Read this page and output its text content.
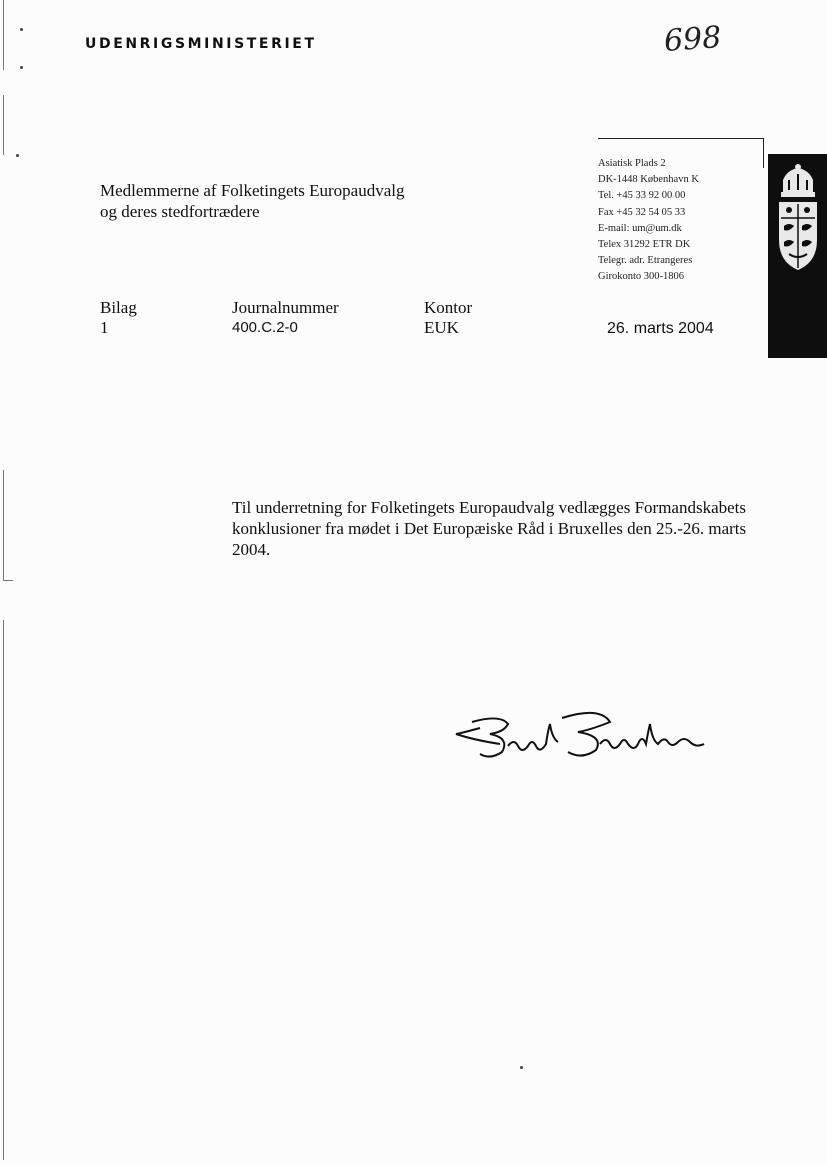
UDENRIGSMINISTERIET	698
Medlemmerne af Folketingets Europaudvalg
og deres stedfortrædere
Asiatisk Plads 2
DK-1448 København K
Tel. +45 33 92 00 00
Fax +45 32 54 05 33
E-mail: um@um.dk
Telex 31292 ETR DK
Telegr. adr. Etrangeres
Girokonto 300-1806
Bilag
1
Journalnummer
400.C.2-0
Kontor
EUK	26. marts 2004
Til underretning for Folketingets Europaudvalg vedlægges Formandskabets konklusioner fra mødet i Det Europæiske Råd i Bruxelles den 25.-26. marts 2004.
